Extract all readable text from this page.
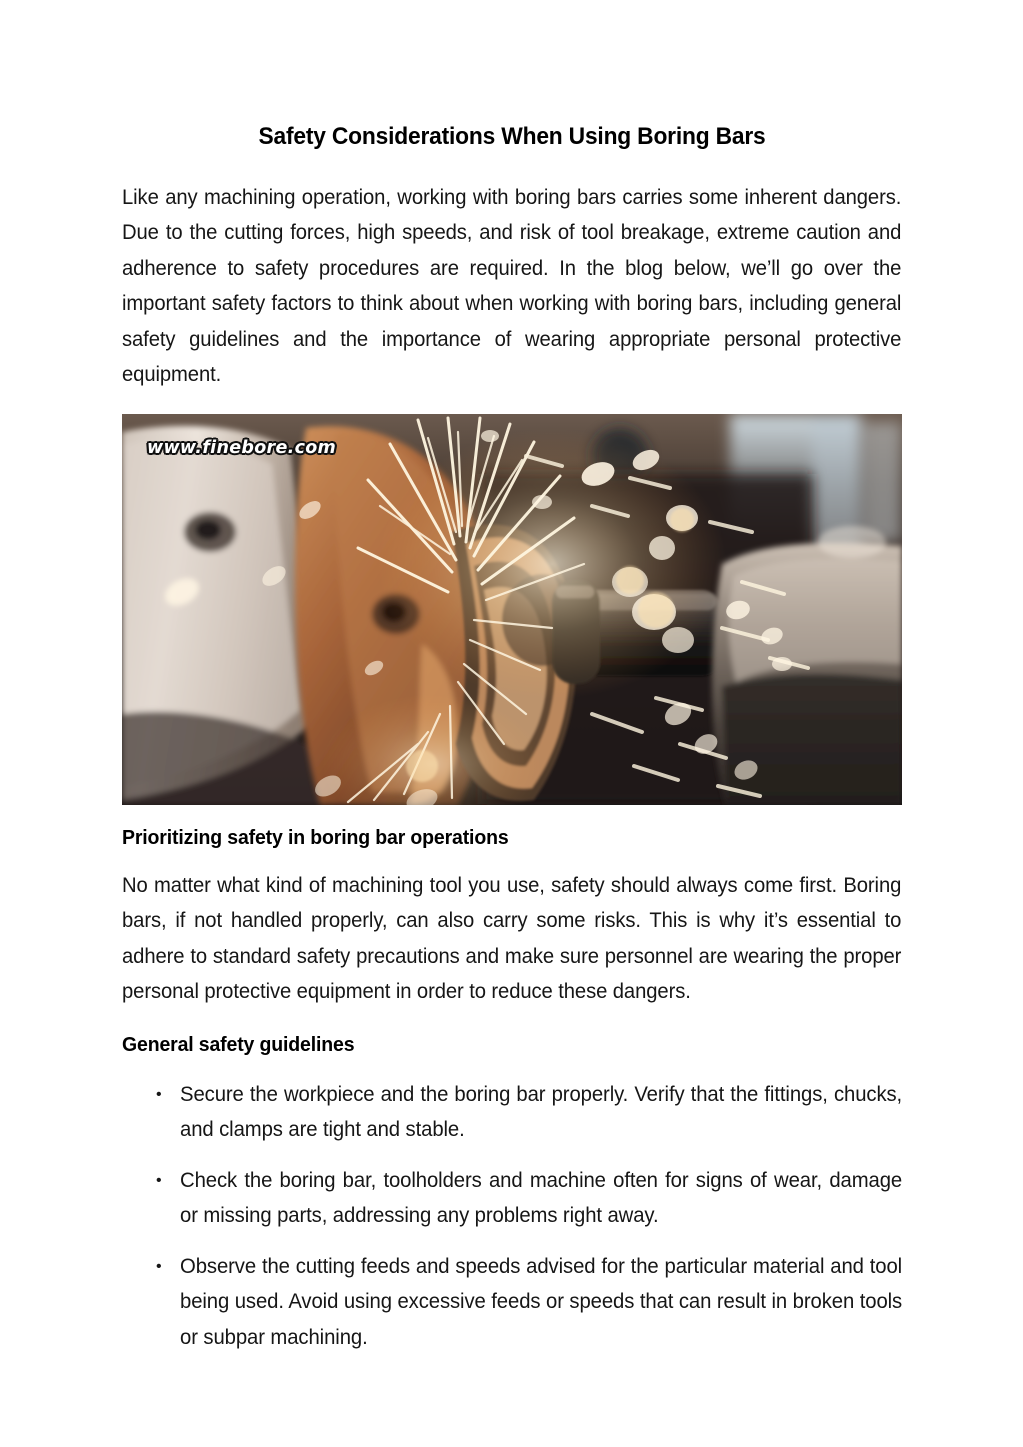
Safety Considerations When Using Boring Bars

Like any machining operation, working with boring bars carries some inherent dangers. Due to the cutting forces, high speeds, and risk of tool breakage, extreme caution and adherence to safety procedures are required. In the blog below, we’ll go over the important safety factors to think about when working with boring bars, including general safety guidelines and the importance of wearing appropriate personal protective equipment.

www.finebore.com
Prioritizing safety in boring bar operations

No matter what kind of machining tool you use, safety should always come first. Boring bars, if not handled properly, can also carry some risks. This is why it’s essential to adhere to standard safety precautions and make sure personnel are wearing the proper personal protective equipment in order to reduce these dangers.

General safety guidelines
• Secure the workpiece and the boring bar properly. Verify that the fittings, chucks, and clamps are tight and stable.
• Check the boring bar, toolholders and machine often for signs of wear, damage or missing parts, addressing any problems right away.
• Observe the cutting feeds and speeds advised for the particular material and tool being used. Avoid using excessive feeds or speeds that can result in broken tools or subpar machining.
